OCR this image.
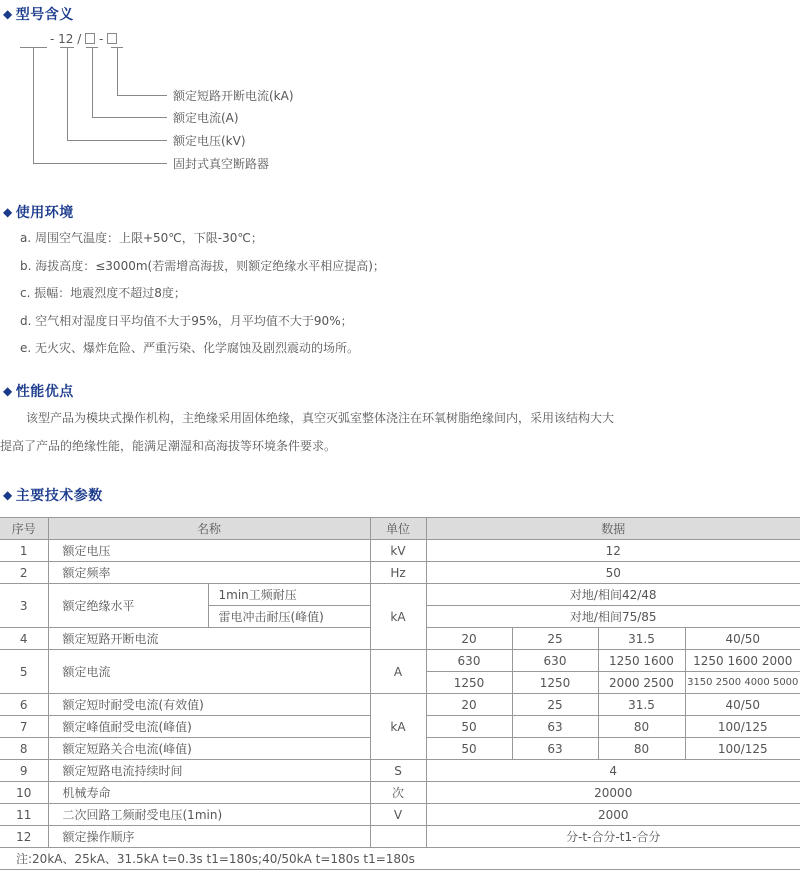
◆ 型号含义
- 12 / -
额定短路开断电流(kA)
额定电流(A)
额定电压(kV)
固封式真空断路器
◆ 使用环境
a. 周围空气温度：上限+50℃，下限-30℃；
b. 海拔高度：≤3000m(若需增高海拔，则额定绝缘水平相应提高)；
c. 振幅：地震烈度不超过8度；
d. 空气相对湿度日平均值不大于95%，月平均值不大于90%；
e. 无火灾、爆炸危险、严重污染、化学腐蚀及剧烈震动的场所。
◆ 性能优点
该型产品为模块式操作机构，主绝缘采用固体绝缘，真空灭弧室整体浇注在环氧树脂绝缘间内，采用该结构大大
提高了产品的绝缘性能，能满足潮湿和高海拔等环境条件要求。
◆ 主要技术参数
序号	名称		单位	数据			
1	额定电压		kV	12			
2	额定频率		Hz	50			
3	额定绝缘水平	1min工频耐压	kA	对地/相间42/48			
		雷电冲击耐压(峰值)		对地/相间75/85			
4	额定短路开断电流			20	25	31.5	40/50
5	额定电流		A	630	630	1250 1600	1250 1600 2000
				1250	1250	2000 2500	3150 2500 4000 5000
6	额定短时耐受电流(有效值)		kA	20	25	31.5	40/50
7	额定峰值耐受电流(峰值)			50	63	80	100/125
8	额定短路关合电流(峰值)			50	63	80	100/125
9	额定短路电流持续时间		S	4			
10	机械寿命		次	20000			
11	二次回路工频耐受电压(1min)		V	2000			
12	额定操作顺序			分-t-合分-t1-合分			
注:20kA、25kA、31.5kA t=0.3s t1=180s;40/50kA t=180s t1=180s							
